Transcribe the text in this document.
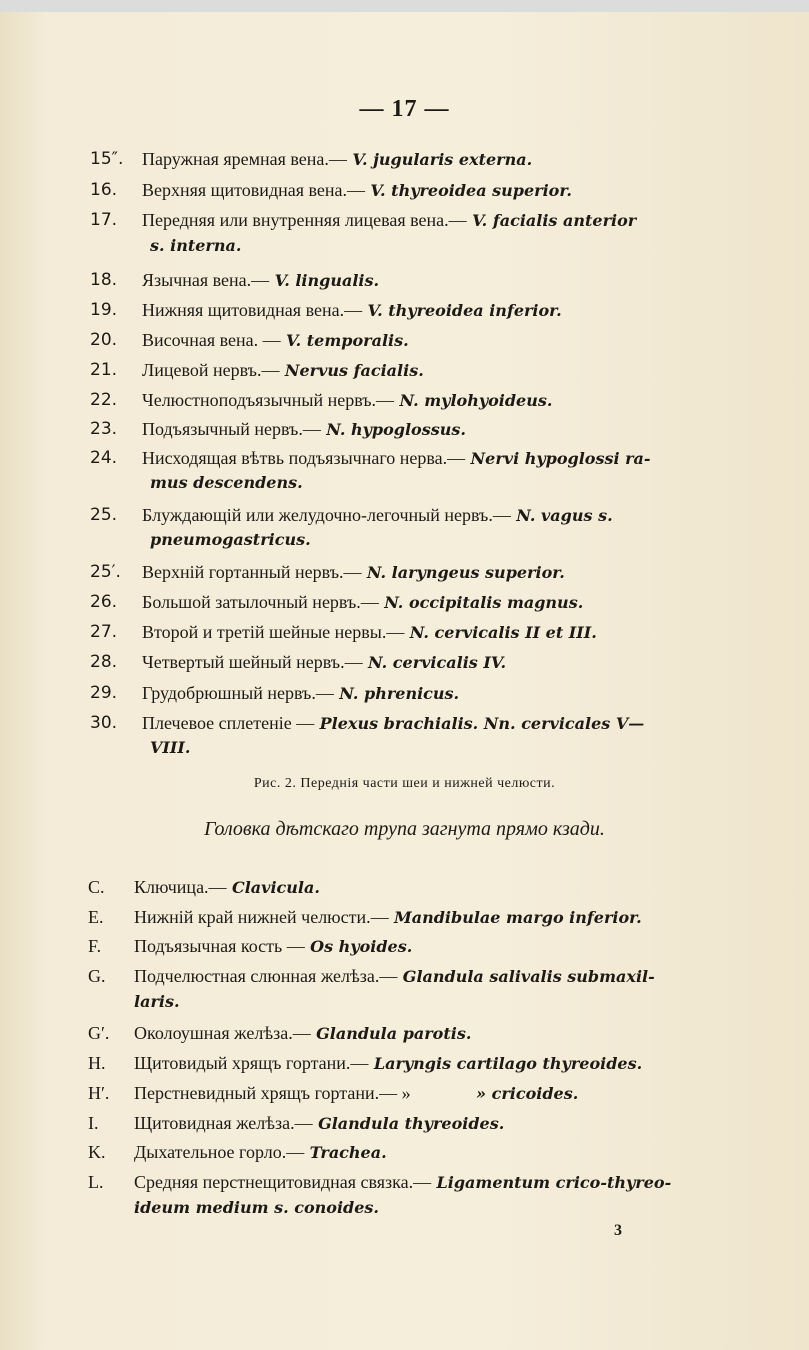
— 17 —
15″.	Паружная яремная вена.— V. jugularis externa.
16.	Верхняя щитовидная вена.— V. thyreoidea superior.
17.	Передняя или внутренняя лицевая вена.— V. facialis anterior
s. interna.
18.	Язычная вена.— V. lingualis.
19.	Нижняя щитовидная вена.— V. thyreoidea inferior.
20.	Височная вена. — V. temporalis.
21.	Лицевой нервъ.— Nervus facialis.
22.	Челюстноподъязычный нервъ.— N. mylohyoideus.
23.	Подъязычный нервъ.— N. hypoglossus.
24.	Нисходящая вѣтвь подъязычнаго нерва.— Nervi hypoglossi ra-
mus descendens.
25.	Блуждающій или желудочно-легочный нервъ.— N. vagus s.
pneumogastricus.
25′.	Верхній гортанный нервъ.— N. laryngeus superior.
26.	Большой затылочный нервъ.— N. occipitalis magnus.
27.	Второй и третій шейные нервы.— N. cervicalis II et III.
28.	Четвертый шейный нервъ.— N. cervicalis IV.
29.	Грудобрюшный нервъ.— N. phrenicus.
30.	Плечевое сплетеніе — Plexus brachialis. Nn. cervicales V—
VIII.
Рис. 2. Переднія части шеи и нижней челюсти.
Головка дѣтскаго трупа загнута прямо кзади.
C.	Ключица.— Clavicula.
E.	Нижній край нижней челюсти.— Mandibulae margo inferior.
F.	Подъязычная кость — Os hyoides.
G.	Подчелюстная слюнная желѣза.— Glandula salivalis submaxil-
laris.
G′.	Околоушная желѣза.— Glandula parotis.
H.	Щитовидый хрящъ гортани.— Laryngis cartilago thyreoides.
H′.	Перстневидный хрящъ гортани.— »	» cricoides.
I.	Щитовидная желѣза.— Glandula thyreoides.
K.	Дыхательное горло.— Trachea.
L.	Средняя перстнещитовидная связка.— Ligamentum crico-thyreo-
ideum medium s. conoides.
3
